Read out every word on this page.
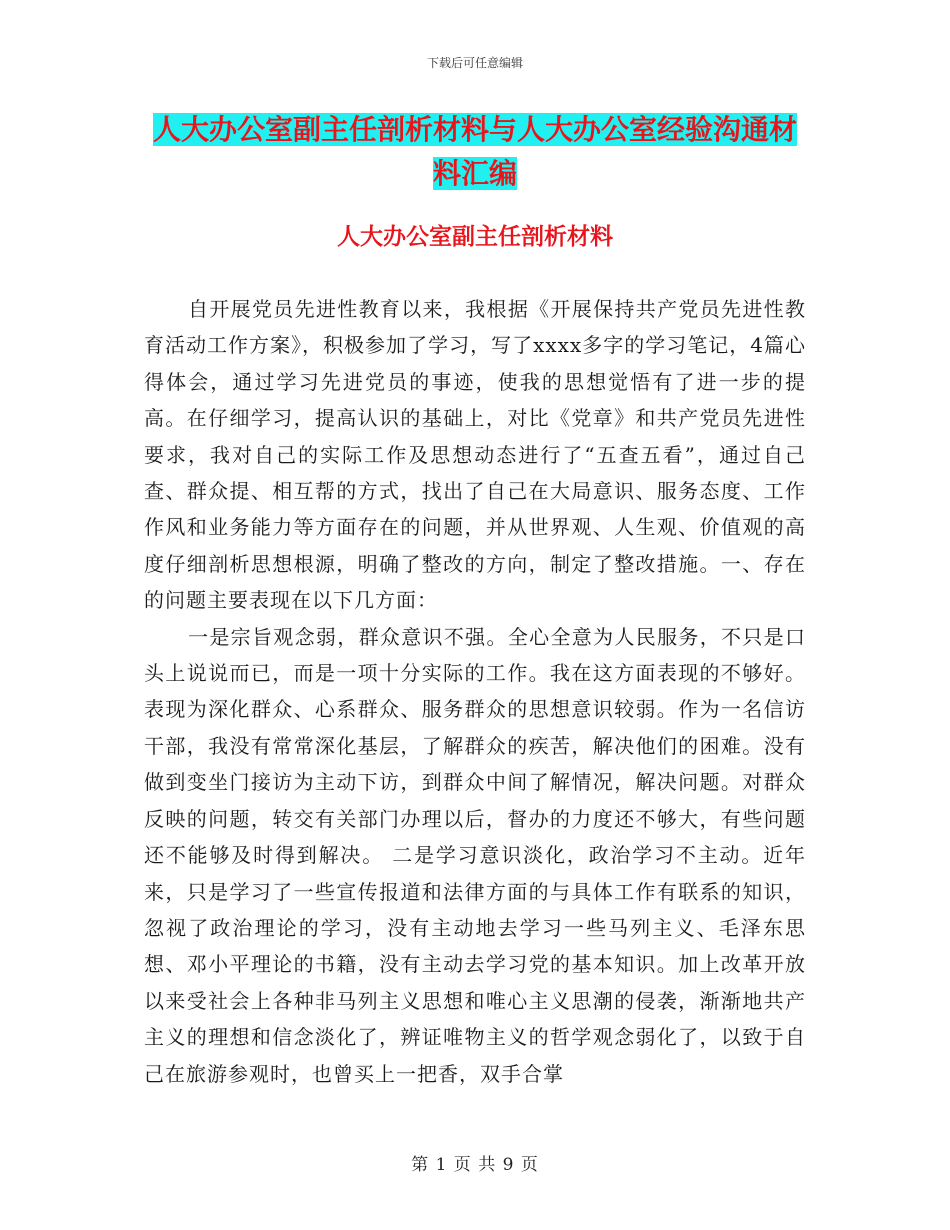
下载后可任意编辑
人大办公室副主任剖析材料与人大办公室经验沟通材
料汇编
人大办公室副主任剖析材料

自开展党员先进性教育以来，我根据《开展保持共产党员先进性教育活动工作方案》，积极参加了学习，写了xxxx多字的学习笔记，4篇心得体会，通过学习先进党员的事迹，使我的思想觉悟有了进一步的提高。在仔细学习，提高认识的基础上，对比《党章》和共产党员先进性要求，我对自己的实际工作及思想动态进行了“五查五看”，通过自己查、群众提、相互帮的方式，找出了自己在大局意识、服务态度、工作作风和业务能力等方面存在的问题，并从世界观、人生观、价值观的高度仔细剖析思想根源，明确了整改的方向，制定了整改措施。一、存在的问题主要表现在以下几方面：

一是宗旨观念弱，群众意识不强。全心全意为人民服务，不只是口头上说说而已，而是一项十分实际的工作。我在这方面表现的不够好。表现为深化群众、心系群众、服务群众的思想意识较弱。作为一名信访干部，我没有常常深化基层，了解群众的疾苦，解决他们的困难。没有做到变坐门接访为主动下访，到群众中间了解情况，解决问题。对群众反映的问题，转交有关部门办理以后，督办的力度还不够大，有些问题还不能够及时得到解决。 二是学习意识淡化，政治学习不主动。近年来，只是学习了一些宣传报道和法律方面的与具体工作有联系的知识，忽视了政治理论的学习，没有主动地去学习一些马列主义、毛泽东思想、邓小平理论的书籍，没有主动去学习党的基本知识。加上改革开放以来受社会上各种非马列主义思想和唯心主义思潮的侵袭，渐渐地共产主义的理想和信念淡化了，辨证唯物主义的哲学观念弱化了，以致于自己在旅游参观时，也曾买上一把香，双手合掌

第 1 页 共 9 页
